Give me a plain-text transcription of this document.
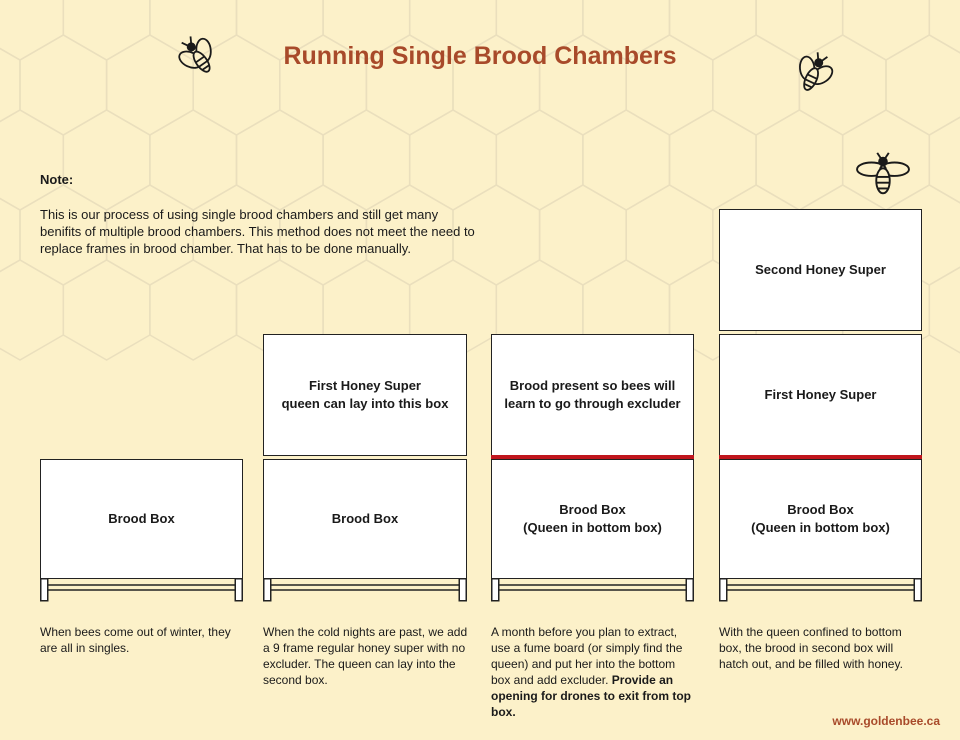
Running Single Brood Chambers
Note:
This is our process of using single brood chambers and still get many benifits of multiple brood chambers. This method does not meet the need to replace frames in brood chamber. That has to be done manually.
Brood Box
When bees come out of winter, they are all in singles.
First Honey Super
queen can lay into this box
Brood Box
When the cold nights are past, we add a 9 frame regular honey super with no excluder. The queen can lay into the second box.
Brood present so bees will
learn to go through excluder
Brood Box
(Queen in bottom box)
A month before you plan to extract, use a fume board (or simply find the queen) and put her into the bottom box and add excluder. Provide an opening for drones to exit from top box.
Second Honey Super
First Honey Super
Brood Box
(Queen in bottom box)
With the queen confined to bottom box, the brood in second box will hatch out, and be filled with honey.
www.goldenbee.ca
